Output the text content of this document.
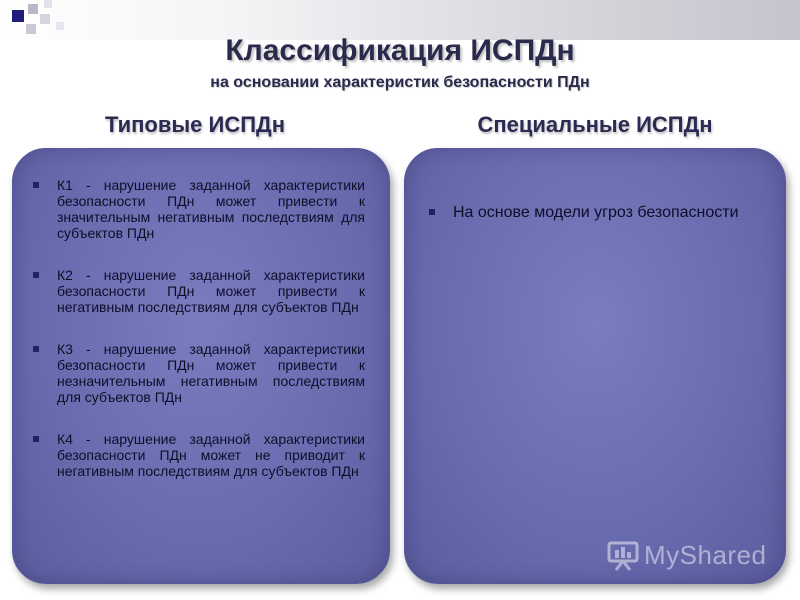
Классификация ИСПДн
на основании характеристик безопасности ПДн
Типовые ИСПДн	Специальные ИСПДн
К1 - нарушение заданной характеристики безопасности ПДн может привести к значительным негативным последствиям для субъектов ПДн
К2 - нарушение заданной характеристики безопасности ПДн может привести к негативным последствиям для субъектов ПДн
К3 - нарушение заданной характеристики безопасности ПДн может привести к незначительным негативным последствиям для субъектов ПДн
К4 - нарушение заданной характеристики безопасности ПДн может не приводит к негативным последствиям для субъектов ПДн
На основе модели угроз безопасности
MyShared
